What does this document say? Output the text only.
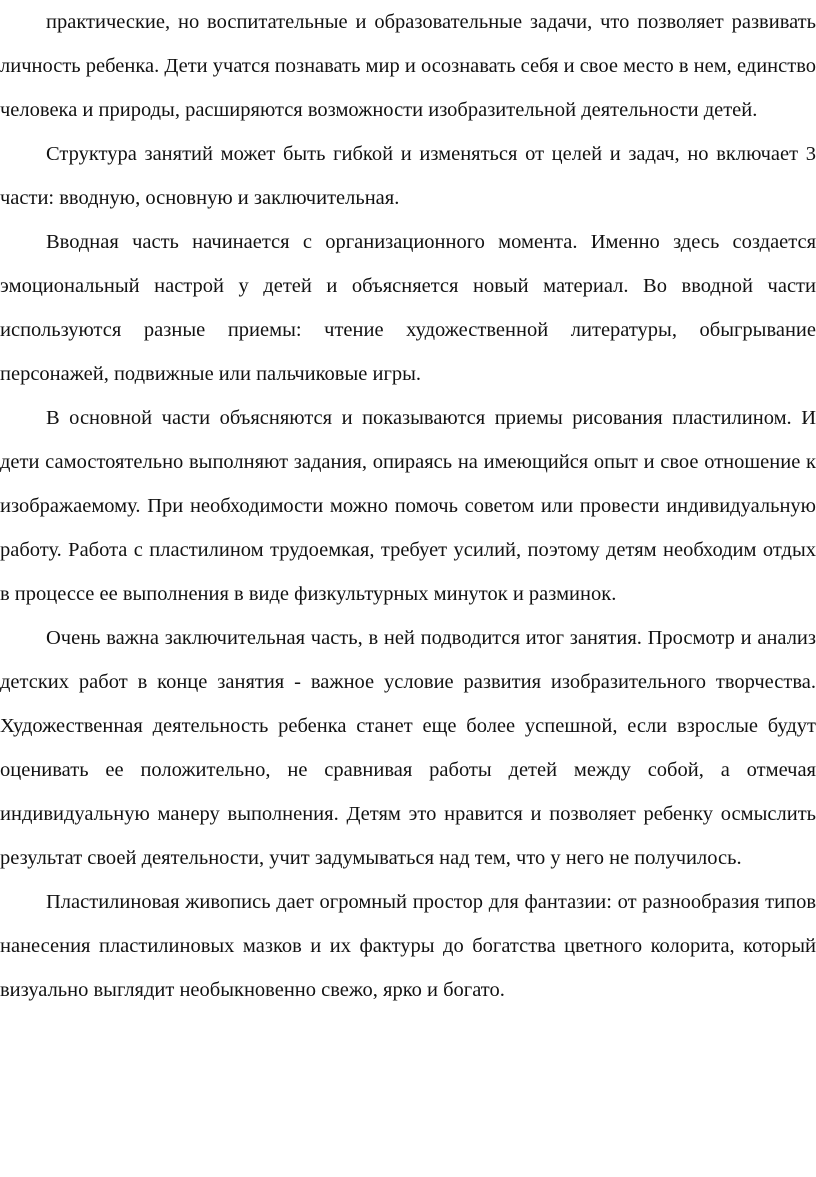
практические, но воспитательные и образовательные задачи, что позволяет развивать личность ребенка. Дети учатся познавать мир и осознавать себя и свое место в нем, единство человека и природы, расширяются возможности изобразительной деятельности детей.

Структура занятий может быть гибкой и изменяться от целей и задач, но включает 3 части: вводную, основную и заключительная.

Вводная часть начинается с организационного момента. Именно здесь создается эмоциональный настрой у детей и объясняется новый материал. Во вводной части используются разные приемы: чтение художественной литературы, обыгрывание персонажей, подвижные или пальчиковые игры.

В основной части объясняются и показываются приемы рисования пластилином. И дети самостоятельно выполняют задания, опираясь на имеющийся опыт и свое отношение к изображаемому. При необходимости можно помочь советом или провести индивидуальную работу. Работа с пластилином трудоемкая, требует усилий, поэтому детям необходим отдых в процессе ее выполнения в виде физкультурных минуток и разминок.

Очень важна заключительная часть, в ней подводится итог занятия. Просмотр и анализ детских работ в конце занятия - важное условие развития изобразительного творчества. Художественная деятельность ребенка станет еще более успешной, если взрослые будут оценивать ее положительно, не сравнивая работы детей между собой, а отмечая индивидуальную манеру выполнения. Детям это нравится и позволяет ребенку осмыслить результат своей деятельности, учит задумываться над тем, что у него не получилось.

Пластилиновая живопись дает огромный простор для фантазии: от разнообразия типов нанесения пластилиновых мазков и их фактуры до богатства цветного колорита, который визуально выглядит необыкновенно свежо, ярко и богато.
